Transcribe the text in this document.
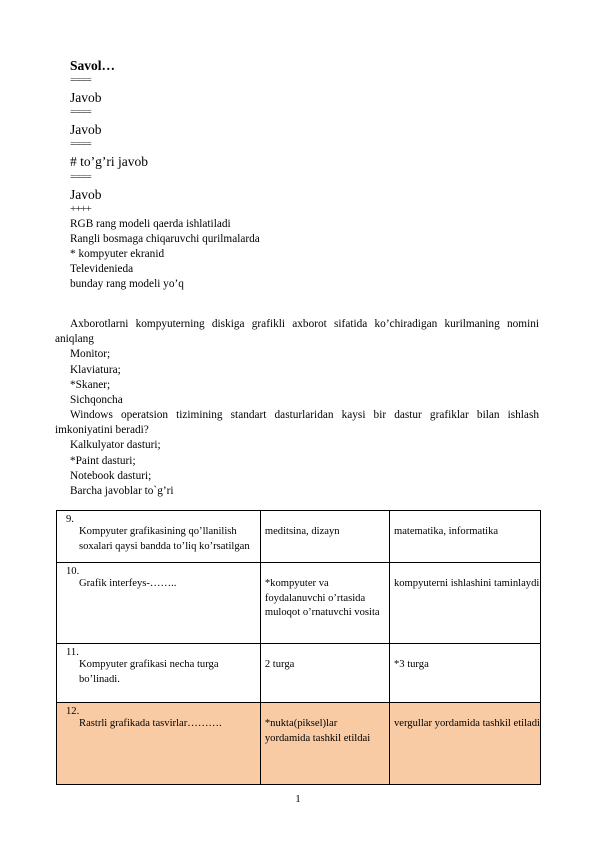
Savol…
====
Javob
====
Javob
====
# to’g’ri javob
====
Javob
++++
RGB rang modeli qaerda ishlatiladi
Rangli bosmaga chiqaruvchi qurilmalarda
* kompyuter ekranid
Televidenieda
bunday rang modeli yo’q

Axborotlarni kompyuterning diskiga grafikli axborot sifatida ko’chiradigan kurilmaning nomini aniqlang

Monitor;

Klaviatura;

*Skaner;

Sichqoncha

Windows operatsion tizimining standart dasturlaridan kaysi bir dastur grafiklar bilan ishlash imkoniyatini beradi?

Kalkulyator dasturi;

*Paint dasturi;

Notebook dasturi;

Barcha javoblar to`g’ri

9.
Kompyuter grafikasining qo’llanilish soxalari qaysi bandda to’liq ko’rsatilgan	meditsina, dizayn	matematika, informatika

10.
Grafik interfeys-……..	*kompyuter va foydalanuvchi o’rtasida muloqot o’rnatuvchi vosita	kompyuterni ishlashini taminlaydi

11.
Kompyuter grafikasi necha turga bo’linadi.	2 turga	*3 turga

12.
Rastrli grafikada tasvirlar……….	*nukta(piksel)lar yordamida tashkil etildai	vergullar yordamida tashkil etiladi
1
